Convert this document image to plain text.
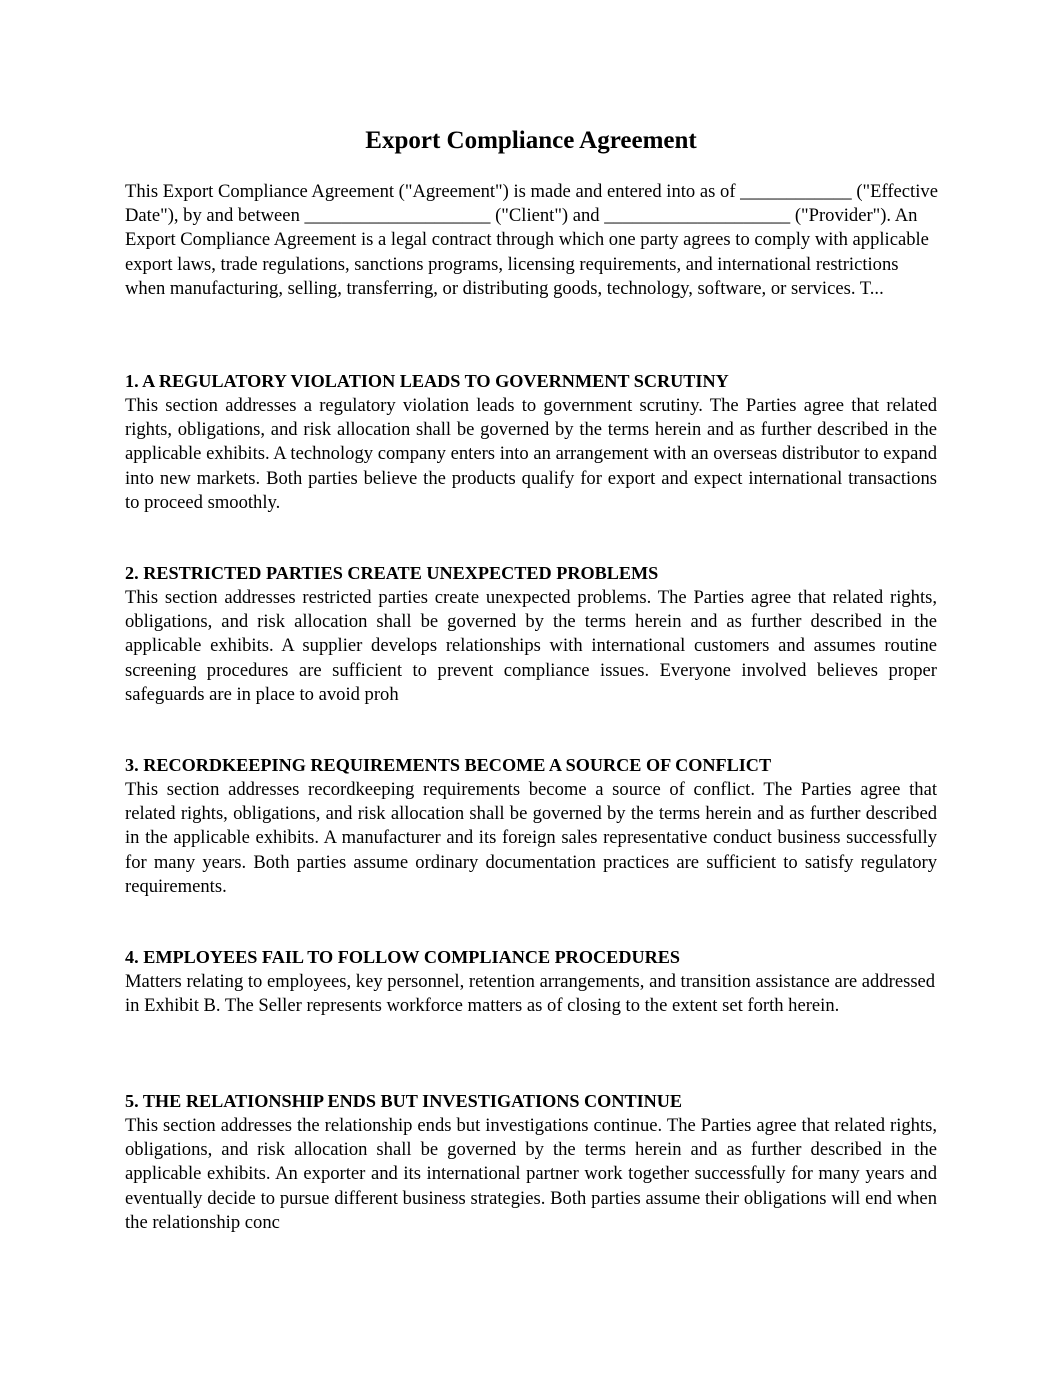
Export Compliance Agreement

This Export Compliance Agreement ("Agreement") is made and entered into as of ____________ ("Effective Date"), by and between ____________________ ("Client") and ____________________ ("Provider"). An Export Compliance Agreement is a legal contract through which one party agrees to comply with applicable export laws, trade regulations, sanctions programs, licensing requirements, and international restrictions when manufacturing, selling, transferring, or distributing goods, technology, software, or services. T...

1. A REGULATORY VIOLATION LEADS TO GOVERNMENT SCRUTINY

This section addresses a regulatory violation leads to government scrutiny. The Parties agree that related rights, obligations, and risk allocation shall be governed by the terms herein and as further described in the applicable exhibits. A technology company enters into an arrangement with an overseas distributor to expand into new markets. Both parties believe the products qualify for export and expect international transactions to proceed smoothly.

2. RESTRICTED PARTIES CREATE UNEXPECTED PROBLEMS

This section addresses restricted parties create unexpected problems. The Parties agree that related rights, obligations, and risk allocation shall be governed by the terms herein and as further described in the applicable exhibits. A supplier develops relationships with international customers and assumes routine screening procedures are sufficient to prevent compliance issues. Everyone involved believes proper safeguards are in place to avoid proh

3. RECORDKEEPING REQUIREMENTS BECOME A SOURCE OF CONFLICT

This section addresses recordkeeping requirements become a source of conflict. The Parties agree that related rights, obligations, and risk allocation shall be governed by the terms herein and as further described in the applicable exhibits. A manufacturer and its foreign sales representative conduct business successfully for many years. Both parties assume ordinary documentation practices are sufficient to satisfy regulatory requirements.

4. EMPLOYEES FAIL TO FOLLOW COMPLIANCE PROCEDURES

Matters relating to employees, key personnel, retention arrangements, and transition assistance are addressed in Exhibit B. The Seller represents workforce matters as of closing to the extent set forth herein.

5. THE RELATIONSHIP ENDS BUT INVESTIGATIONS CONTINUE

This section addresses the relationship ends but investigations continue. The Parties agree that related rights, obligations, and risk allocation shall be governed by the terms herein and as further described in the applicable exhibits. An exporter and its international partner work together successfully for many years and eventually decide to pursue different business strategies. Both parties assume their obligations will end when the relationship conc
